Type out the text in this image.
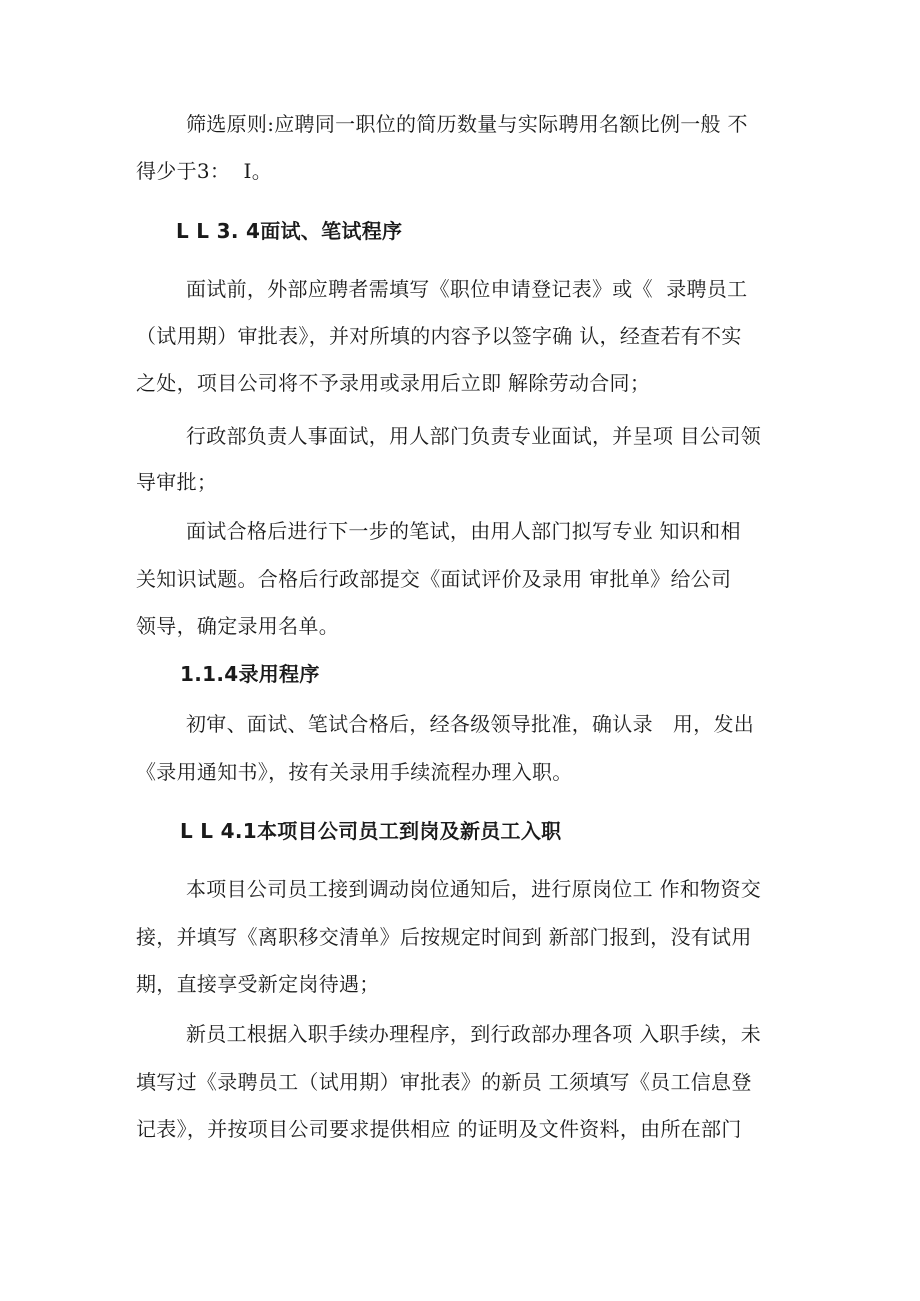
筛选原则:应聘同一职位的简历数量与实际聘用名额比例一般 不
得少于3：  I。
L L 3. 4面试、笔试程序
面试前，外部应聘者需填写《职位申请登记表》或《  录聘员工
（试用期）审批表》，并对所填的内容予以签字确 认，经查若有不实
之处，项目公司将不予录用或录用后立即 解除劳动合同；
行政部负责人事面试，用人部门负责专业面试，并呈项 目公司领
导审批；
面试合格后进行下一步的笔试，由用人部门拟写专业 知识和相
关知识试题。合格后行政部提交《面试评价及录用 审批单》给公司
领导，确定录用名单。
1.1.4录用程序
初审、面试、笔试合格后，经各级领导批准，确认录   用，发出
《录用通知书》，按有关录用手续流程办理入职。
L L 4.1本项目公司员工到岗及新员工入职
本项目公司员工接到调动岗位通知后，进行原岗位工 作和物资交
接，并填写《离职移交清单》后按规定时间到 新部门报到，没有试用
期，直接享受新定岗待遇；
新员工根据入职手续办理程序，到行政部办理各项 入职手续，未
填写过《录聘员工（试用期）审批表》的新员 工须填写《员工信息登
记表》，并按项目公司要求提供相应 的证明及文件资料，由所在部门
